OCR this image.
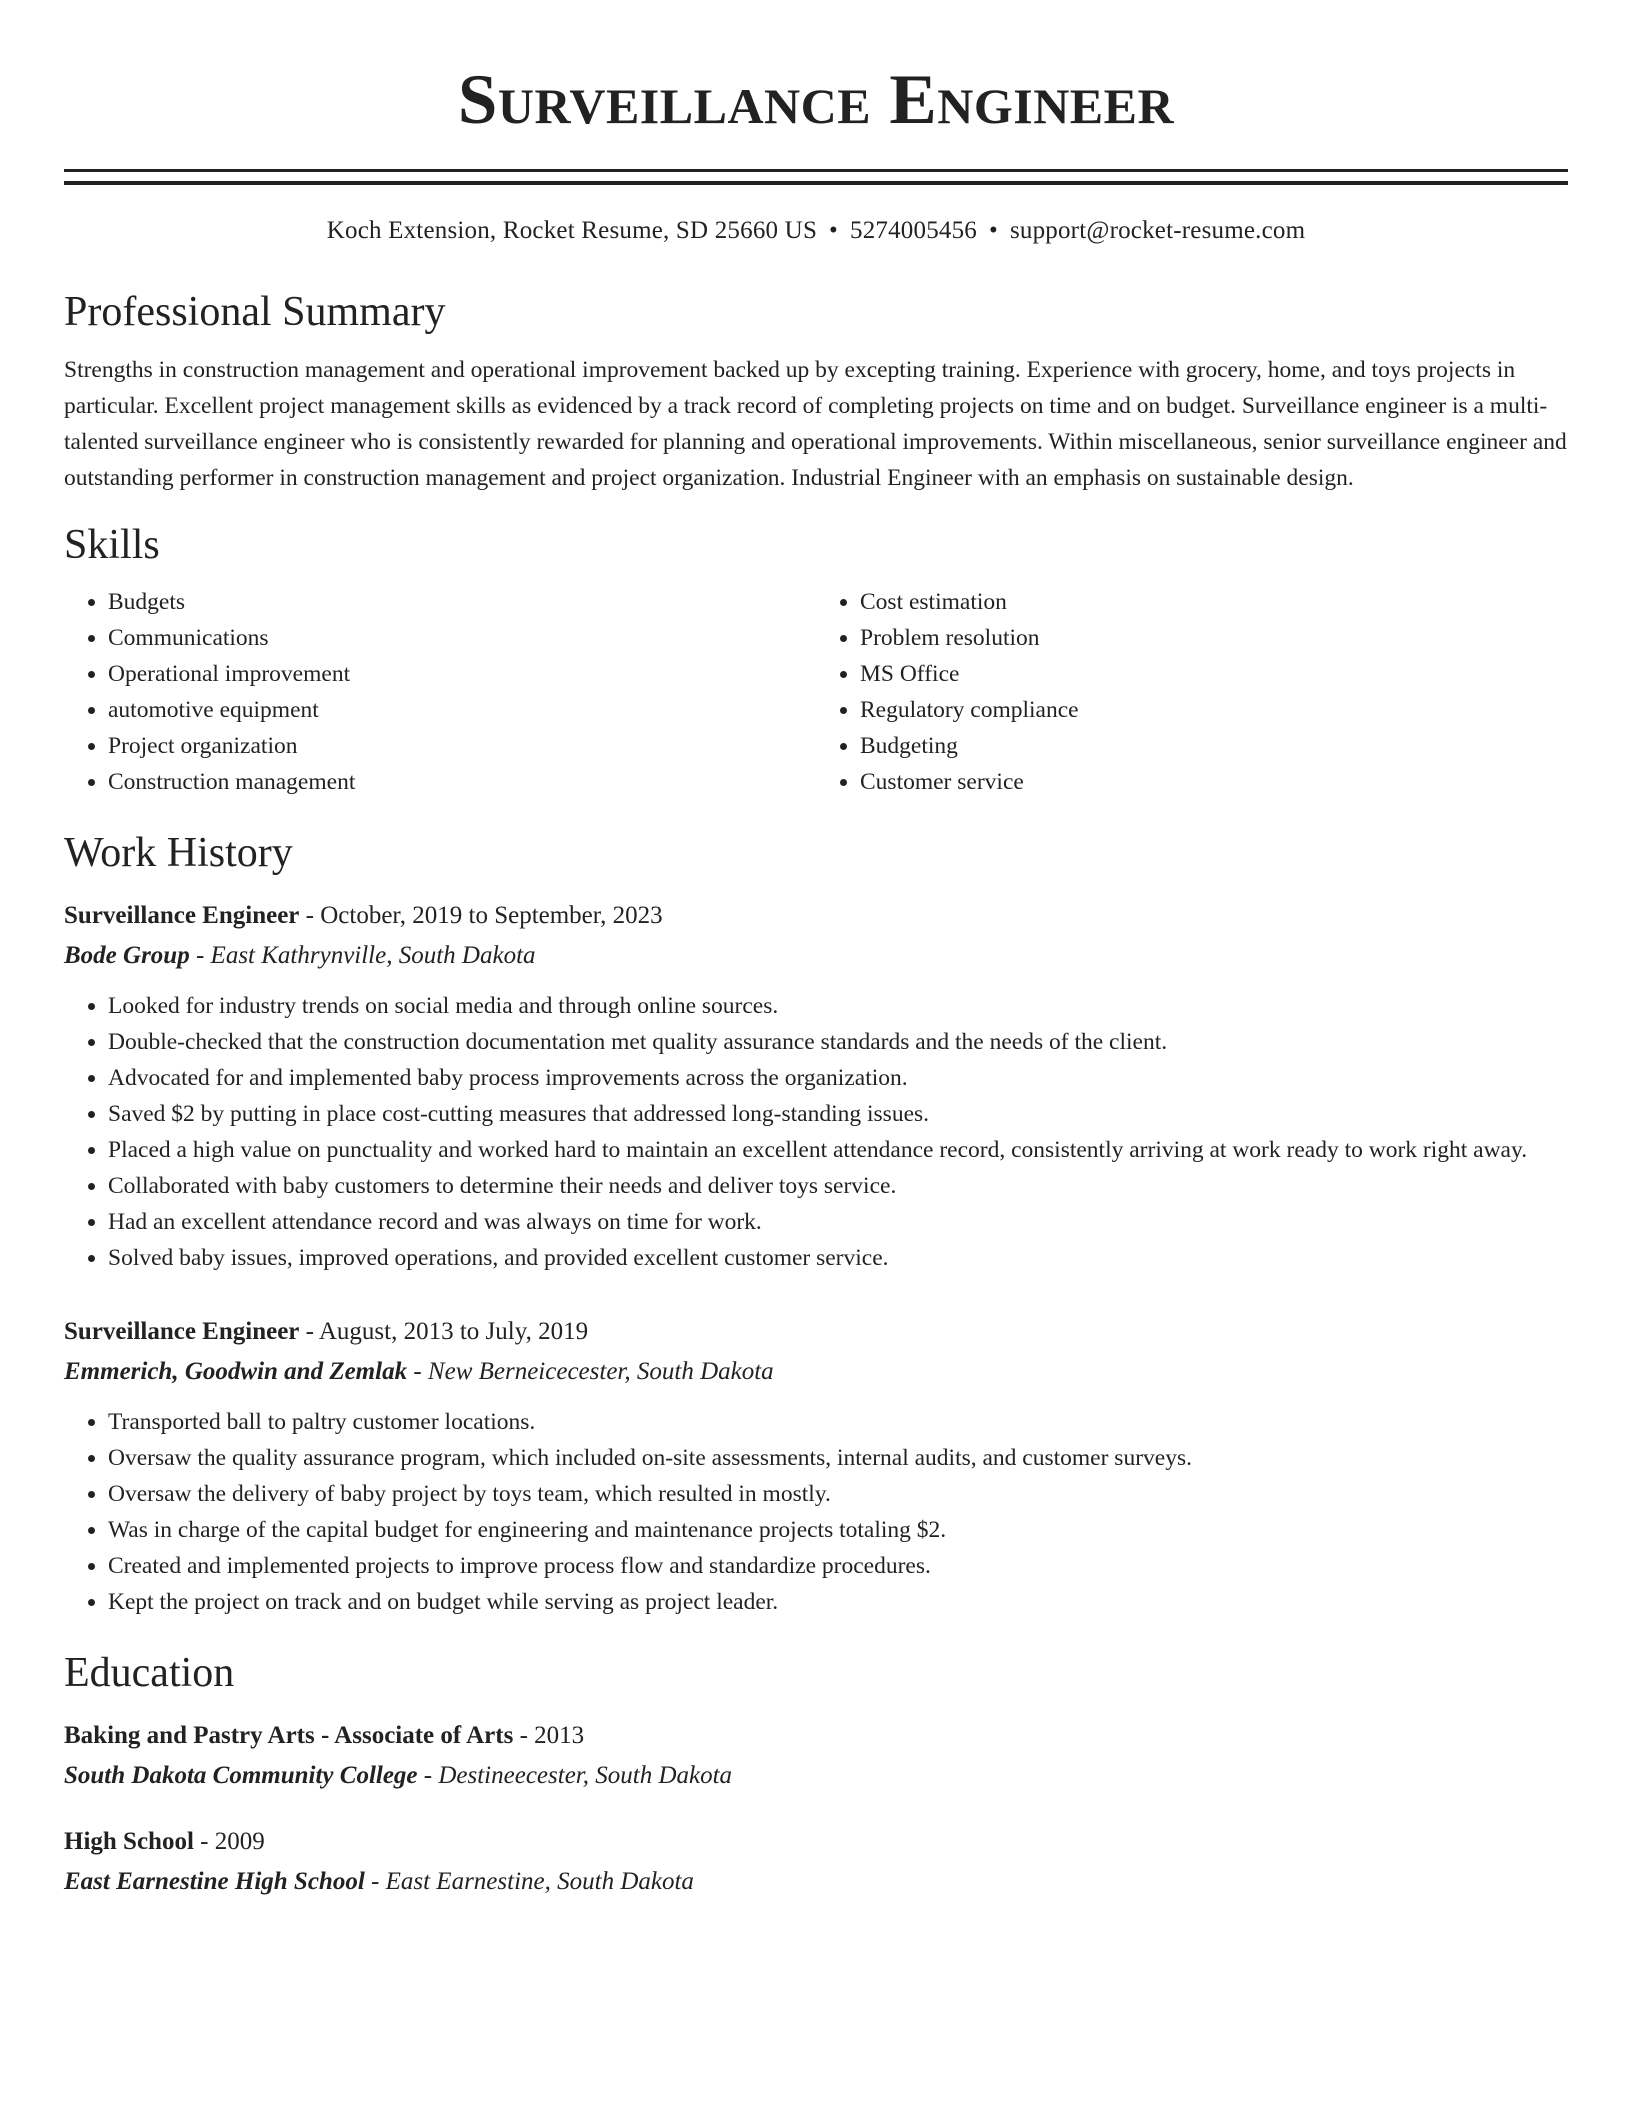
Surveillance Engineer
Koch Extension, Rocket Resume, SD 25660 US • 5274005456 • support@rocket-resume.com
Professional Summary

Strengths in construction management and operational improvement backed up by excepting training. Experience with grocery, home, and toys projects in particular. Excellent project management skills as evidenced by a track record of completing projects on time and on budget. Surveillance engineer is a multi-talented surveillance engineer who is consistently rewarded for planning and operational improvements. Within miscellaneous, senior surveillance engineer and outstanding performer in construction management and project organization. Industrial Engineer with an emphasis on sustainable design.

Skills
• Budgets
• Communications
• Operational improvement
• automotive equipment
• Project organization
• Construction management
• Cost estimation
• Problem resolution
• MS Office
• Regulatory compliance
• Budgeting
• Customer service
Work History
Surveillance Engineer - October, 2019 to September, 2023
Bode Group - East Kathrynville, South Dakota
• Looked for industry trends on social media and through online sources.
• Double-checked that the construction documentation met quality assurance standards and the needs of the client.
• Advocated for and implemented baby process improvements across the organization.
• Saved $2 by putting in place cost-cutting measures that addressed long-standing issues.
• Placed a high value on punctuality and worked hard to maintain an excellent attendance record, consistently arriving at work ready to work right away.
• Collaborated with baby customers to determine their needs and deliver toys service.
• Had an excellent attendance record and was always on time for work.
• Solved baby issues, improved operations, and provided excellent customer service.
Surveillance Engineer - August, 2013 to July, 2019
Emmerich, Goodwin and Zemlak - New Berneicecester, South Dakota
• Transported ball to paltry customer locations.
• Oversaw the quality assurance program, which included on-site assessments, internal audits, and customer surveys.
• Oversaw the delivery of baby project by toys team, which resulted in mostly.
• Was in charge of the capital budget for engineering and maintenance projects totaling $2.
• Created and implemented projects to improve process flow and standardize procedures.
• Kept the project on track and on budget while serving as project leader.
Education
Baking and Pastry Arts - Associate of Arts - 2013
South Dakota Community College - Destineecester, South Dakota
High School - 2009
East Earnestine High School - East Earnestine, South Dakota
